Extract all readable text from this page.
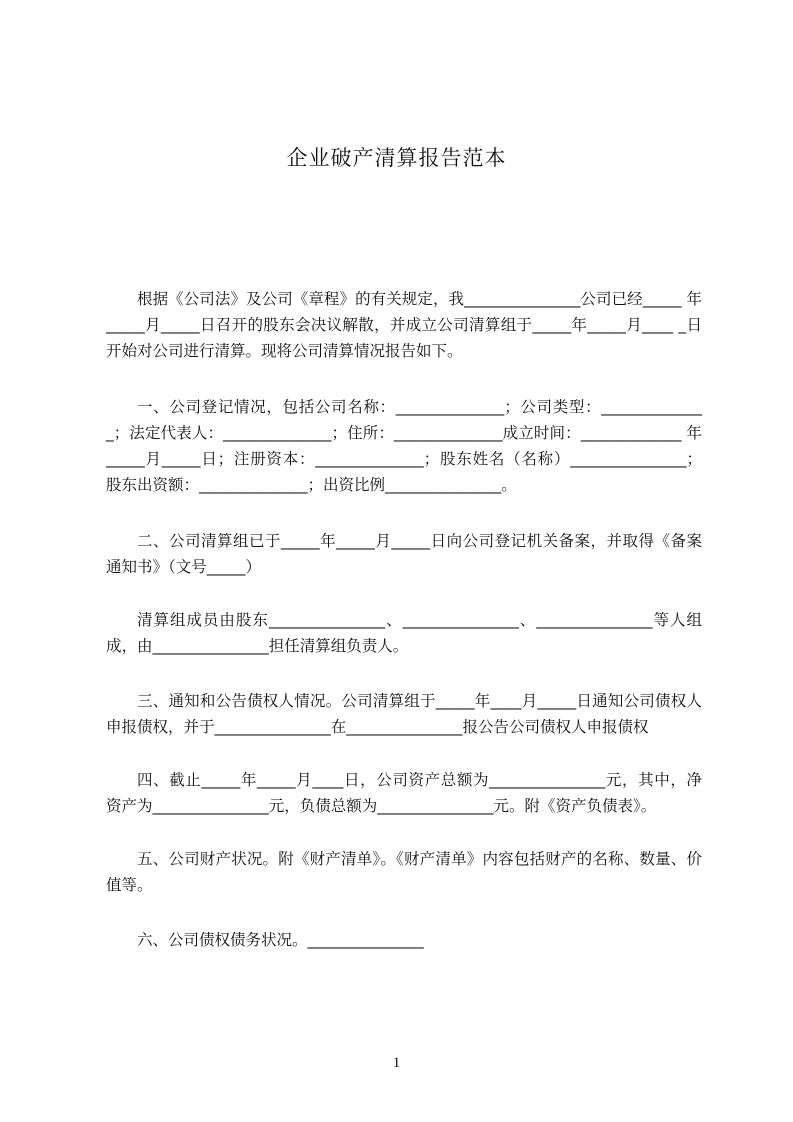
企业破产清算报告范本

根据《公司法》及公司《章程》的有关规定，我_______________公司已经_____ 年_____月_____日召开的股东会决议解散，并成立公司清算组于_____年_____月____ _日开始对公司进行清算。现将公司清算情况报告如下。

一、公司登记情况，包括公司名称：______________；公司类型：_____________ _；法定代表人：______________；住所：______________成立时间：_____________ 年_____月_____日；注册资本：______________；股东姓名（名称）_______________；股东出资额：______________；出资比例_______________。

二、公司清算组已于_____年_____月_____日向公司登记机关备案，并取得《备案通知书》（文号_____）

清算组成员由股东_______________、_______________、_______________等人组成，由_______________担任清算组负责人。

三、通知和公告债权人情况。公司清算组于_____年____月_____日通知公司债权人申报债权，并于_______________在_______________报公告公司债权人申报债权

四、截止_____年_____月____日，公司资产总额为_______________元，其中，净资产为_______________元，负债总额为_______________元。附《资产负债表》。

五、公司财产状况。附《财产清单》。《财产清单》内容包括财产的名称、数量、价值等。

六、公司债权债务状况。_______________

1
